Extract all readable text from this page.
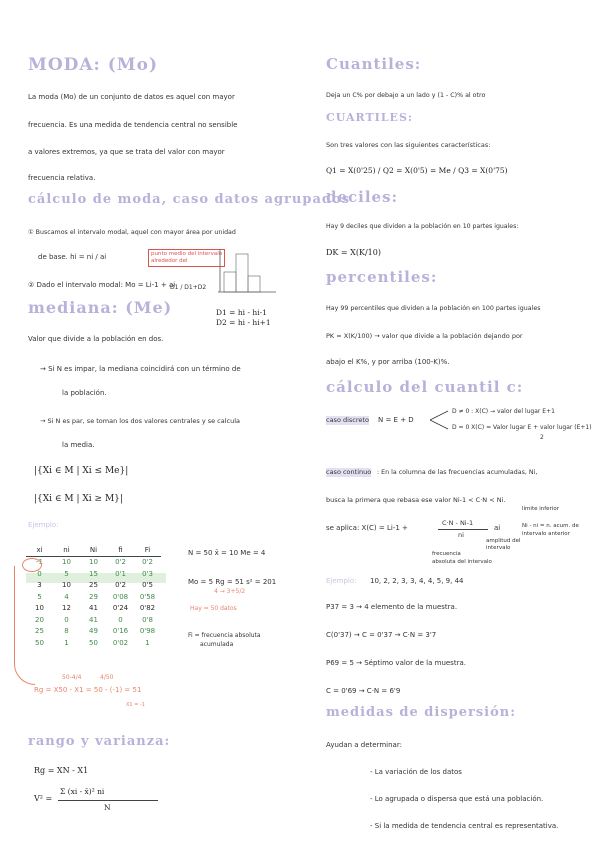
MODA: (Mo)
La moda (Mo) de un conjunto de datos es aquel con mayor
frecuencia. Es una medida de tendencia central no sensible
a valores extremos, ya que se trata del valor con mayor
frecuencia relativa.
cálculo de moda, caso datos agrupados
① Buscamos el intervalo modal, aquel con mayor área por unidad
de base. hi = ni / ai
② Dado el intervalo modal: Mo = Li-1 + ai
D1 / D1+D2
punto medio del intervalo
alrededor del
D1 = hi - hi-1
D2 = hi - hi+1
mediana: (Me)
Valor que divide a la población en dos.
→ Si N es impar, la mediana coincidirá con un término de
la población.
→ Si N es par, se toman los dos valores centrales y se calcula
la media.
|{Xi ∈ M | Xi ≤ Me}|
|{Xi ∈ M | Xi ≥ M}|
Ejemplo:
xi	ni	Ni	fi	Fi
-1	10	10	0'2	0'2
0	5	15	0'1	0'3
3	10	25	0'2	0'5
5	4	29	0'08	0'58
10	12	41	0'24	0'82
20	0	41	0	0'8
25	8	49	0'16	0'98
50	1	50	0'02	1
50-4/4	4/50
Rg = X50 - X1 = 50 - (-1) = 51
X1 = -1
N = 50 x̄ = 10 Me = 4
Mo = 5 Rg = 51 s² = 201
4 → 3+5/2
Hay = 50 datos
Fi = frecuencia absoluta
acumulada
rango y varianza:
Rg = XN - X1
V² =
Σ (xi - x̄)² ni
N
Cuantiles:
Deja un C% por debajo a un lado y (1 - C)% al otro
CUARTILES:
Son tres valores con las siguientes características:
Q1 = X(0'25) / Q2 = X(0'5) = Me / Q3 = X(0'75)
deciles:
Hay 9 deciles que dividen a la población en 10 partes iguales:
DK = X(K/10)
percentiles:
Hay 99 percentiles que dividen a la población en 100 partes iguales
PK = X(K/100) → valor que divide a la población dejando por
abajo el K%, y por arriba (100-K)%.
cálculo del cuantil c:
caso discreto N = E + D
D ≠ 0 : X(C) → valor del lugar E+1
D = 0 X(C) = Valor lugar E + valor lugar (E+1)
2
caso continuo : En la columna de las frecuencias acumuladas, Ni,
busca la primera que rebasa ese valor Ni-1 < C·N < Ni.
se aplica: X(C) = Li-1 +
C·N - Ni-1
ni
ai
límite inferior
Ni - ni = n. acum. de
intervalo anterior
amplitud del
intervalo
frecuencia
absoluta del intervalo
Ejemplo: 10, 2, 2, 3, 3, 4, 4, 5, 9, 44
P37 = 3 → 4 elemento de la muestra.
C(0'37) → C = 0'37 → C·N = 3'7
P69 = 5 → Séptimo valor de la muestra.
C = 0'69 → C·N = 6'9
medidas de dispersión:
Ayudan a determinar:
- La variación de los datos
- Lo agrupada o dispersa que está una población.
- Si la medida de tendencia central es representativa.
